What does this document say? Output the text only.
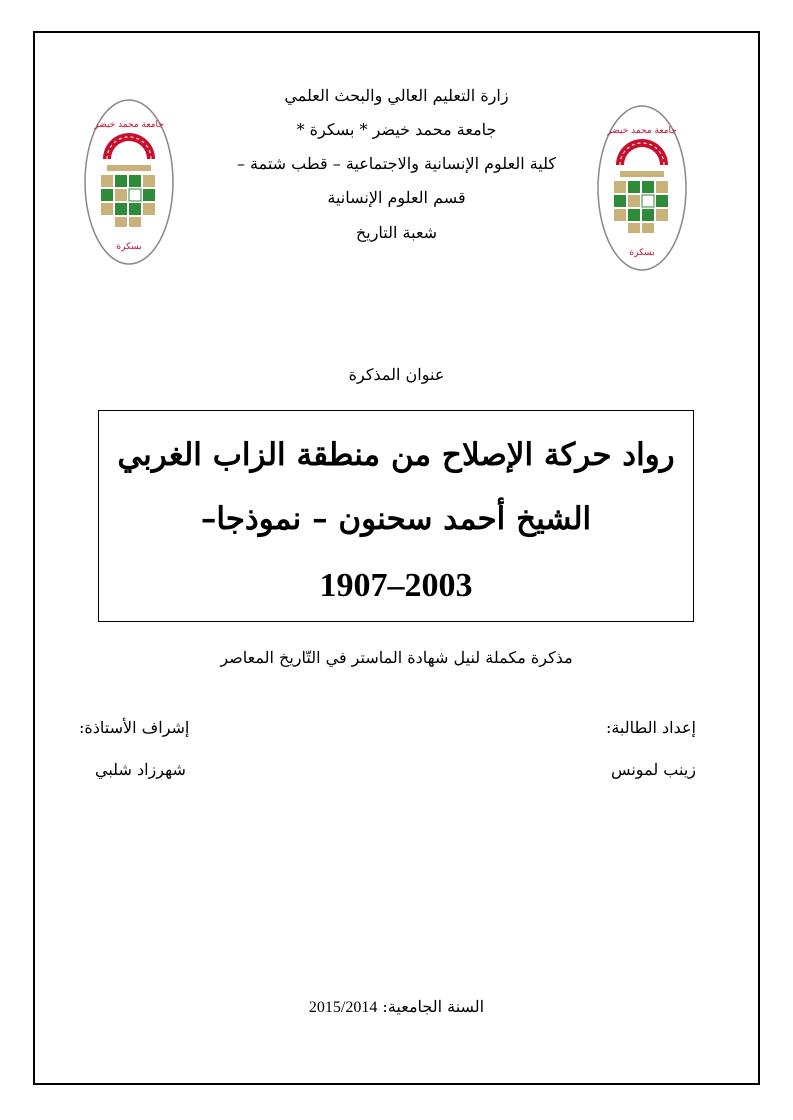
جامعة محمد خيضر
بسكرة
جامعة محمد خيضر
بسكرة
زارة التعليم العالي والبحث العلمي
جامعة محمد خيضر * بسكرة *
كلية العلوم الإنسانية والاجتماعية – قطب شتمة –
قسم العلوم الإنسانية
شعبة التاريخ
عنوان المذكرة
رواد حركة الإصلاح من منطقة الزاب الغربي
الشيخ أحمد سحنون – نموذجا–
1907–2003
مذكرة مكملة لنيل شهادة الماستر في التّاريخ المعاصر
إعداد الطالبة:
زينب لمونس
إشراف الأستاذة:
شهرزاد شلبي
السنة الجامعية: 2015/2014
